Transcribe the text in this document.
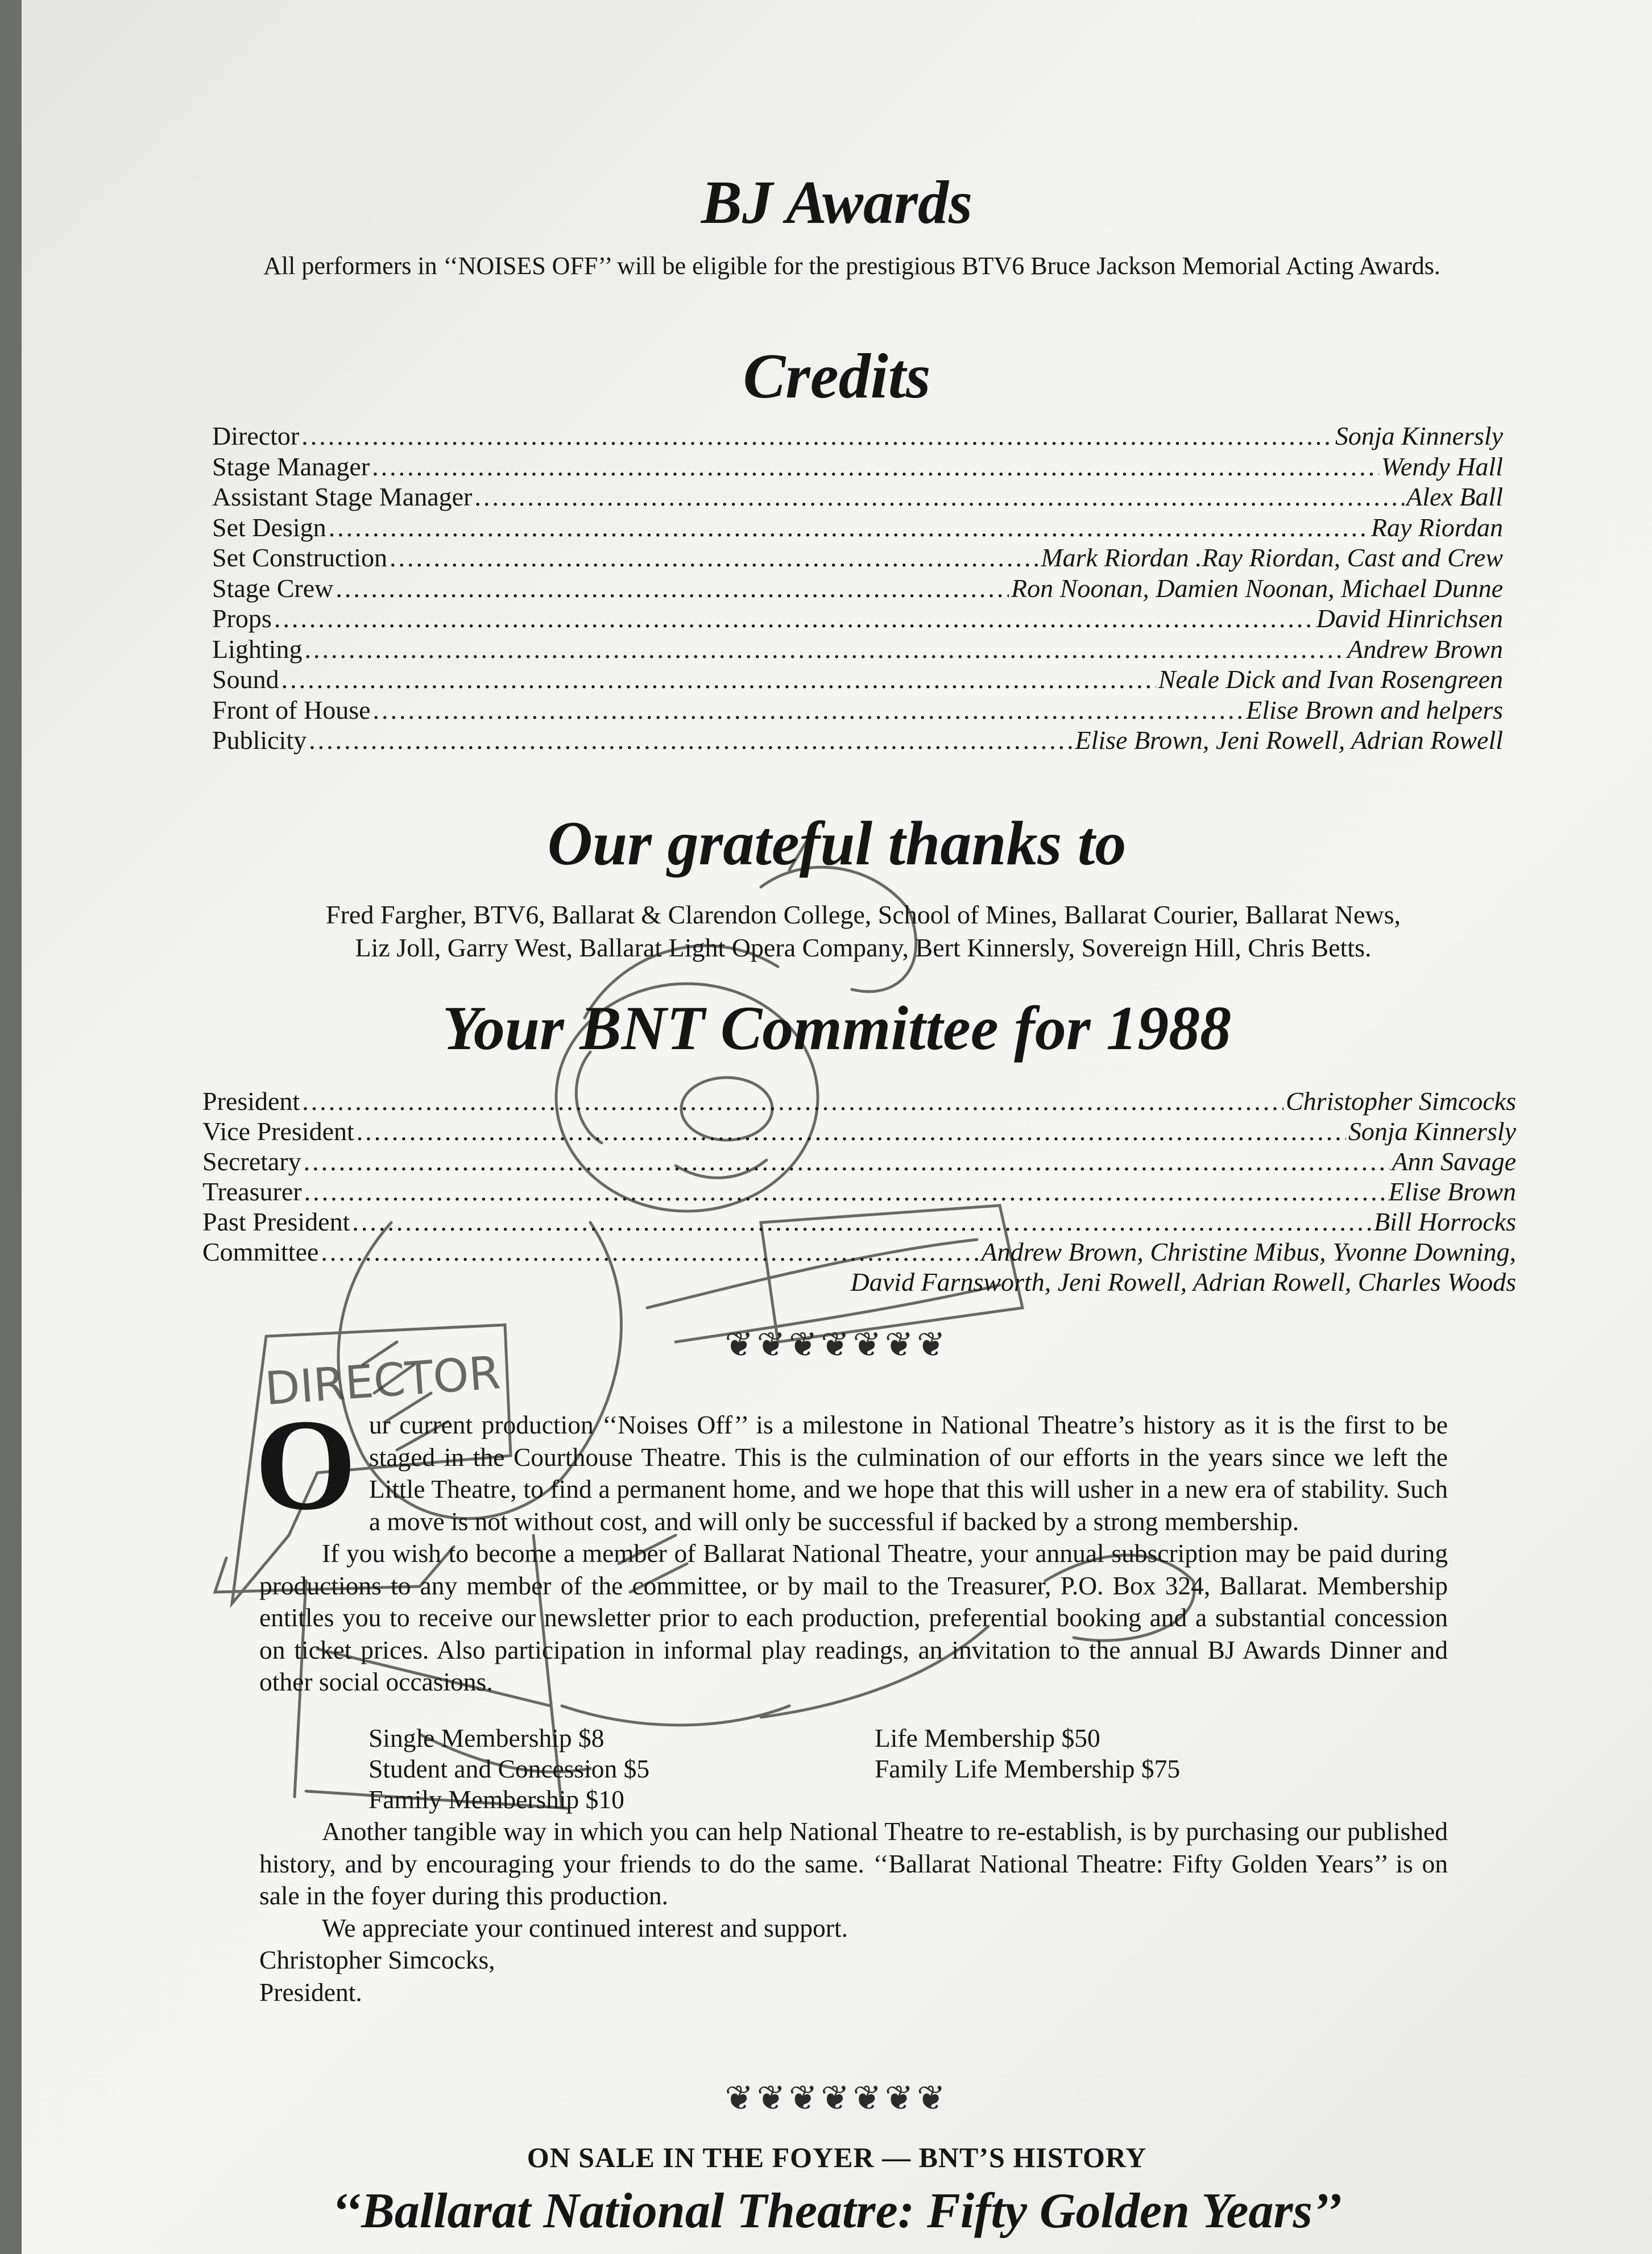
DIRECTOR
BJ Awards
All performers in ‘‘NOISES OFF’’ will be eligible for the prestigious BTV6 Bruce Jackson Memorial Acting Awards.
Credits
Director .....	Sonja Kinnersly
Stage Manager .....	Wendy Hall
Assistant Stage Manager .....	Alex Ball
Set Design .....	Ray Riordan
Set Construction .....	Mark Riordan .Ray Riordan, Cast and Crew
Stage Crew .....	Ron Noonan, Damien Noonan, Michael Dunne
Props .....	David Hinrichsen
Lighting .....	Andrew Brown
Sound .....	Neale Dick and Ivan Rosengreen
Front of House .....	Elise Brown and helpers
Publicity .....	Elise Brown, Jeni Rowell, Adrian Rowell
Our grateful thanks to
Fred Fargher, BTV6, Ballarat & Clarendon College, School of Mines, Ballarat Courier, Ballarat News,
Liz Joll, Garry West, Ballarat Light Opera Company, Bert Kinnersly, Sovereign Hill, Chris Betts.
Your BNT Committee for 1988
President .....	Christopher Simcocks
Vice President .....	Sonja Kinnersly
Secretary .....	Ann Savage
Treasurer .....	Elise Brown
Past President .....	Bill Horrocks
Committee .....	Andrew Brown, Christine Mibus, Yvonne Downing,
David Farnsworth, Jeni Rowell, Adrian Rowell, Charles Woods
❦❦❦❦❦❦❦
O ur current production ‘‘Noises Off’’ is a milestone in National Theatre’s history as it is the first to be staged in the Courthouse Theatre. This is the culmination of our efforts in the years since we left the Little Theatre, to find a permanent home, and we hope that this will usher in a new era of stability. Such a move is not without cost, and will only be successful if backed by a strong membership.

If you wish to become a member of Ballarat National Theatre, your annual subscription may be paid during productions to any member of the committee, or by mail to the Treasurer, P.O. Box 324, Ballarat. Membership entitles you to receive our newsletter prior to each production, preferential booking and a substantial concession on ticket prices. Also participation in informal play readings, an invitation to the annual BJ Awards Dinner and other social occasions.

Single Membership $8
Student and Concession $5
Family Membership $10
Life Membership $50
Family Life Membership $75

Another tangible way in which you can help National Theatre to re-establish, is by purchasing our published history, and by encouraging your friends to do the same. ‘‘Ballarat National Theatre: Fifty Golden Years’’ is on sale in the foyer during this production.

We appreciate your continued interest and support.

Christopher Simcocks,

President.

❦❦❦❦❦❦❦
ON SALE IN THE FOYER — BNT’S HISTORY
‘‘Ballarat National Theatre: Fifty Golden Years’’
